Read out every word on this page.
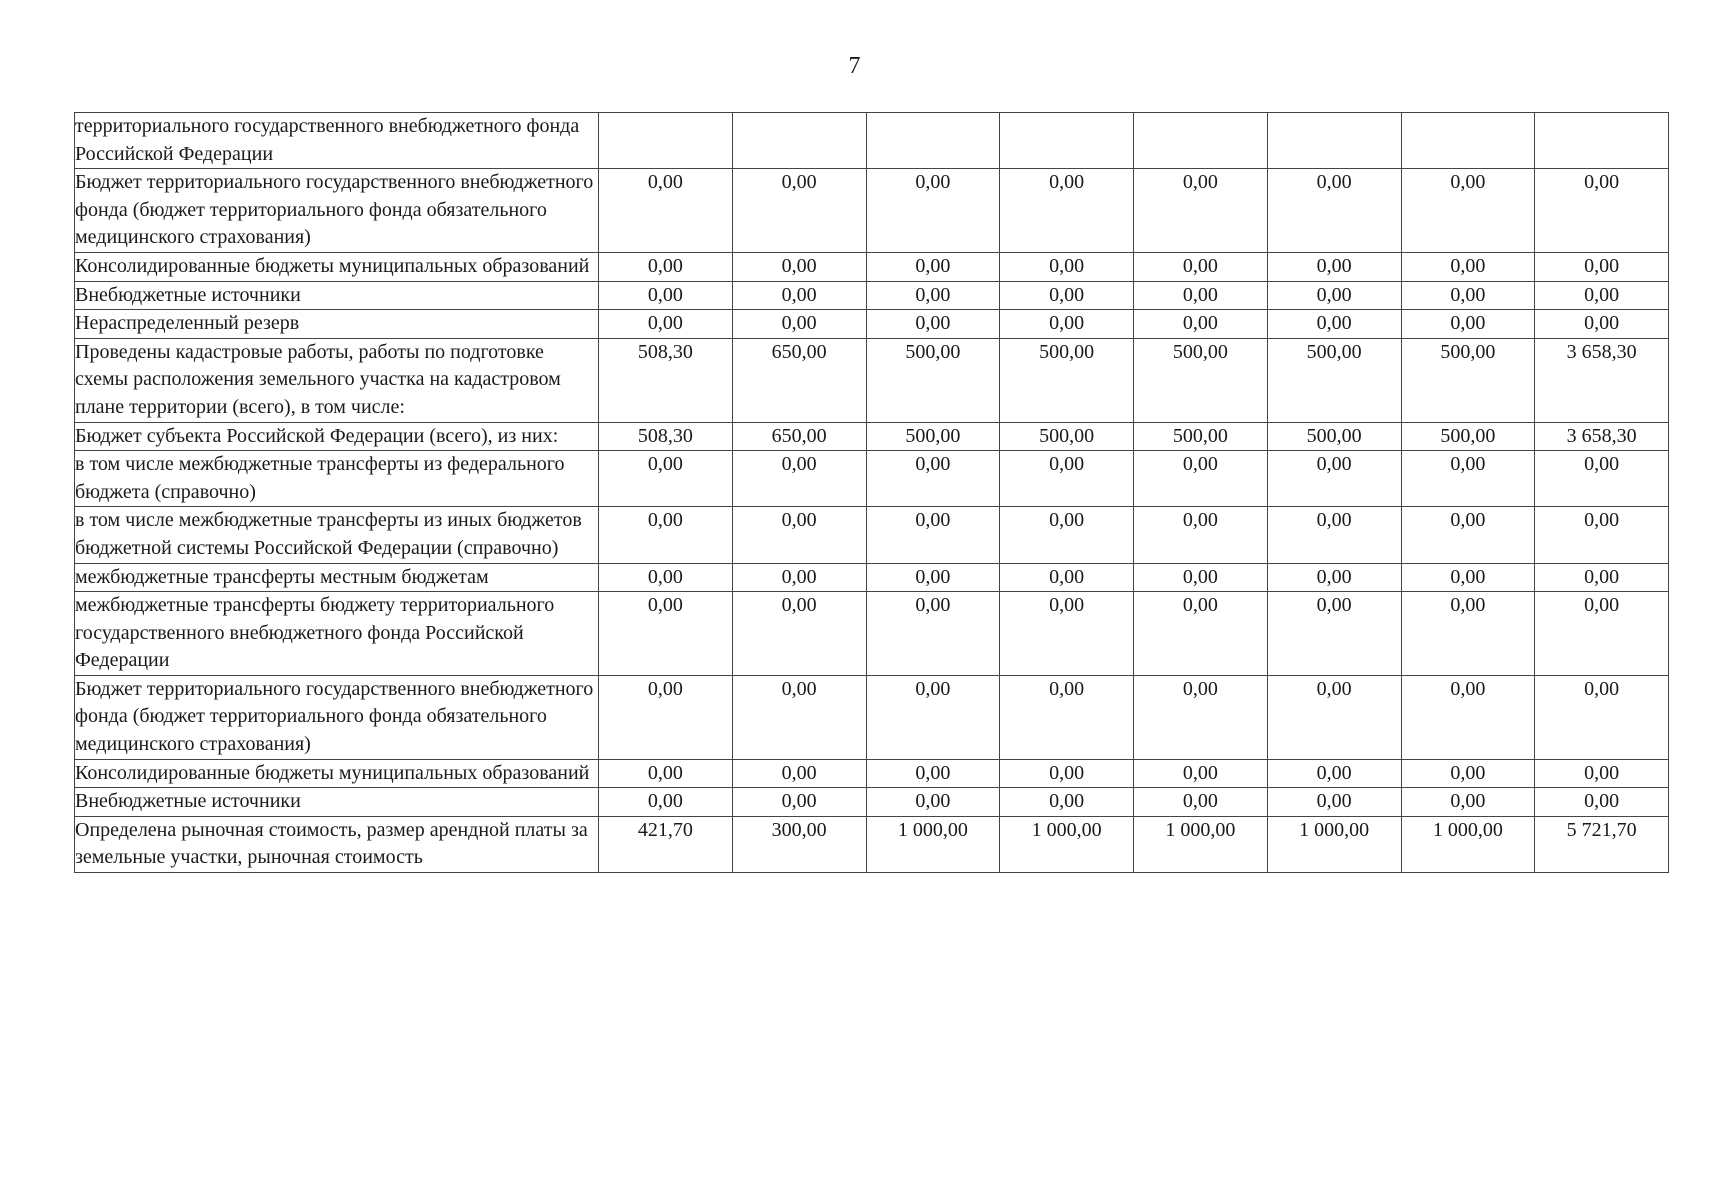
7
территориального государственного внебюджетного фонда Российской Федерации								
Бюджет территориального государственного внебюджетного фонда (бюджет территориального фонда обязательного медицинского страхования)	0,00	0,00	0,00	0,00	0,00	0,00	0,00	0,00
Консолидированные бюджеты муниципальных образований	0,00	0,00	0,00	0,00	0,00	0,00	0,00	0,00
Внебюджетные источники	0,00	0,00	0,00	0,00	0,00	0,00	0,00	0,00
Нераспределенный резерв	0,00	0,00	0,00	0,00	0,00	0,00	0,00	0,00
Проведены кадастровые работы, работы по подготовке схемы расположения земельного участка на кадастровом плане территории (всего), в том числе:	508,30	650,00	500,00	500,00	500,00	500,00	500,00	3 658,30
Бюджет субъекта Российской Федерации (всего), из них:	508,30	650,00	500,00	500,00	500,00	500,00	500,00	3 658,30
в том числе межбюджетные трансферты из федерального бюджета (справочно)	0,00	0,00	0,00	0,00	0,00	0,00	0,00	0,00
в том числе межбюджетные трансферты из иных бюджетов бюджетной системы Российской Федерации (справочно)	0,00	0,00	0,00	0,00	0,00	0,00	0,00	0,00
межбюджетные трансферты местным бюджетам	0,00	0,00	0,00	0,00	0,00	0,00	0,00	0,00
межбюджетные трансферты бюджету территориального государственного внебюджетного фонда Российской Федерации	0,00	0,00	0,00	0,00	0,00	0,00	0,00	0,00
Бюджет территориального государственного внебюджетного фонда (бюджет территориального фонда обязательного медицинского страхования)	0,00	0,00	0,00	0,00	0,00	0,00	0,00	0,00
Консолидированные бюджеты муниципальных образований	0,00	0,00	0,00	0,00	0,00	0,00	0,00	0,00
Внебюджетные источники	0,00	0,00	0,00	0,00	0,00	0,00	0,00	0,00
Определена рыночная стоимость, размер арендной платы за земельные участки, рыночная стоимость	421,70	300,00	1 000,00	1 000,00	1 000,00	1 000,00	1 000,00	5 721,70
